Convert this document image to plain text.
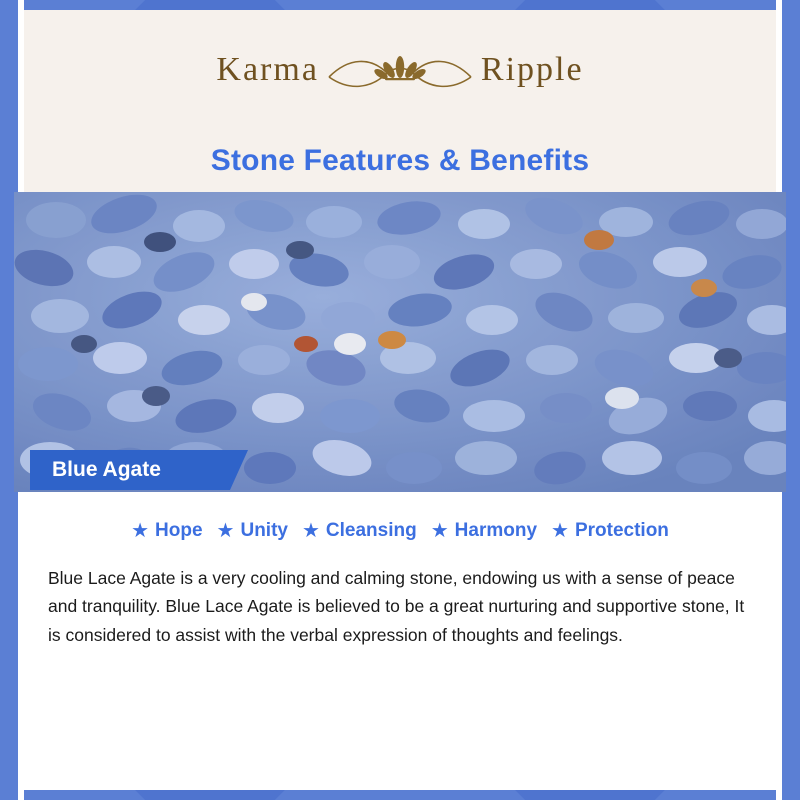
Karma	Ripple
Stone Features & Benefits
Blue Agate
★ Hope ★ Unity ★ Cleansing ★ Harmony ★ Protection

Blue Lace Agate is a very cooling and calming stone, endowing us with a sense of peace and tranquility. Blue Lace Agate is believed to be a great nurturing and supportive stone, It is considered to assist with the verbal expression of thoughts and feelings.
